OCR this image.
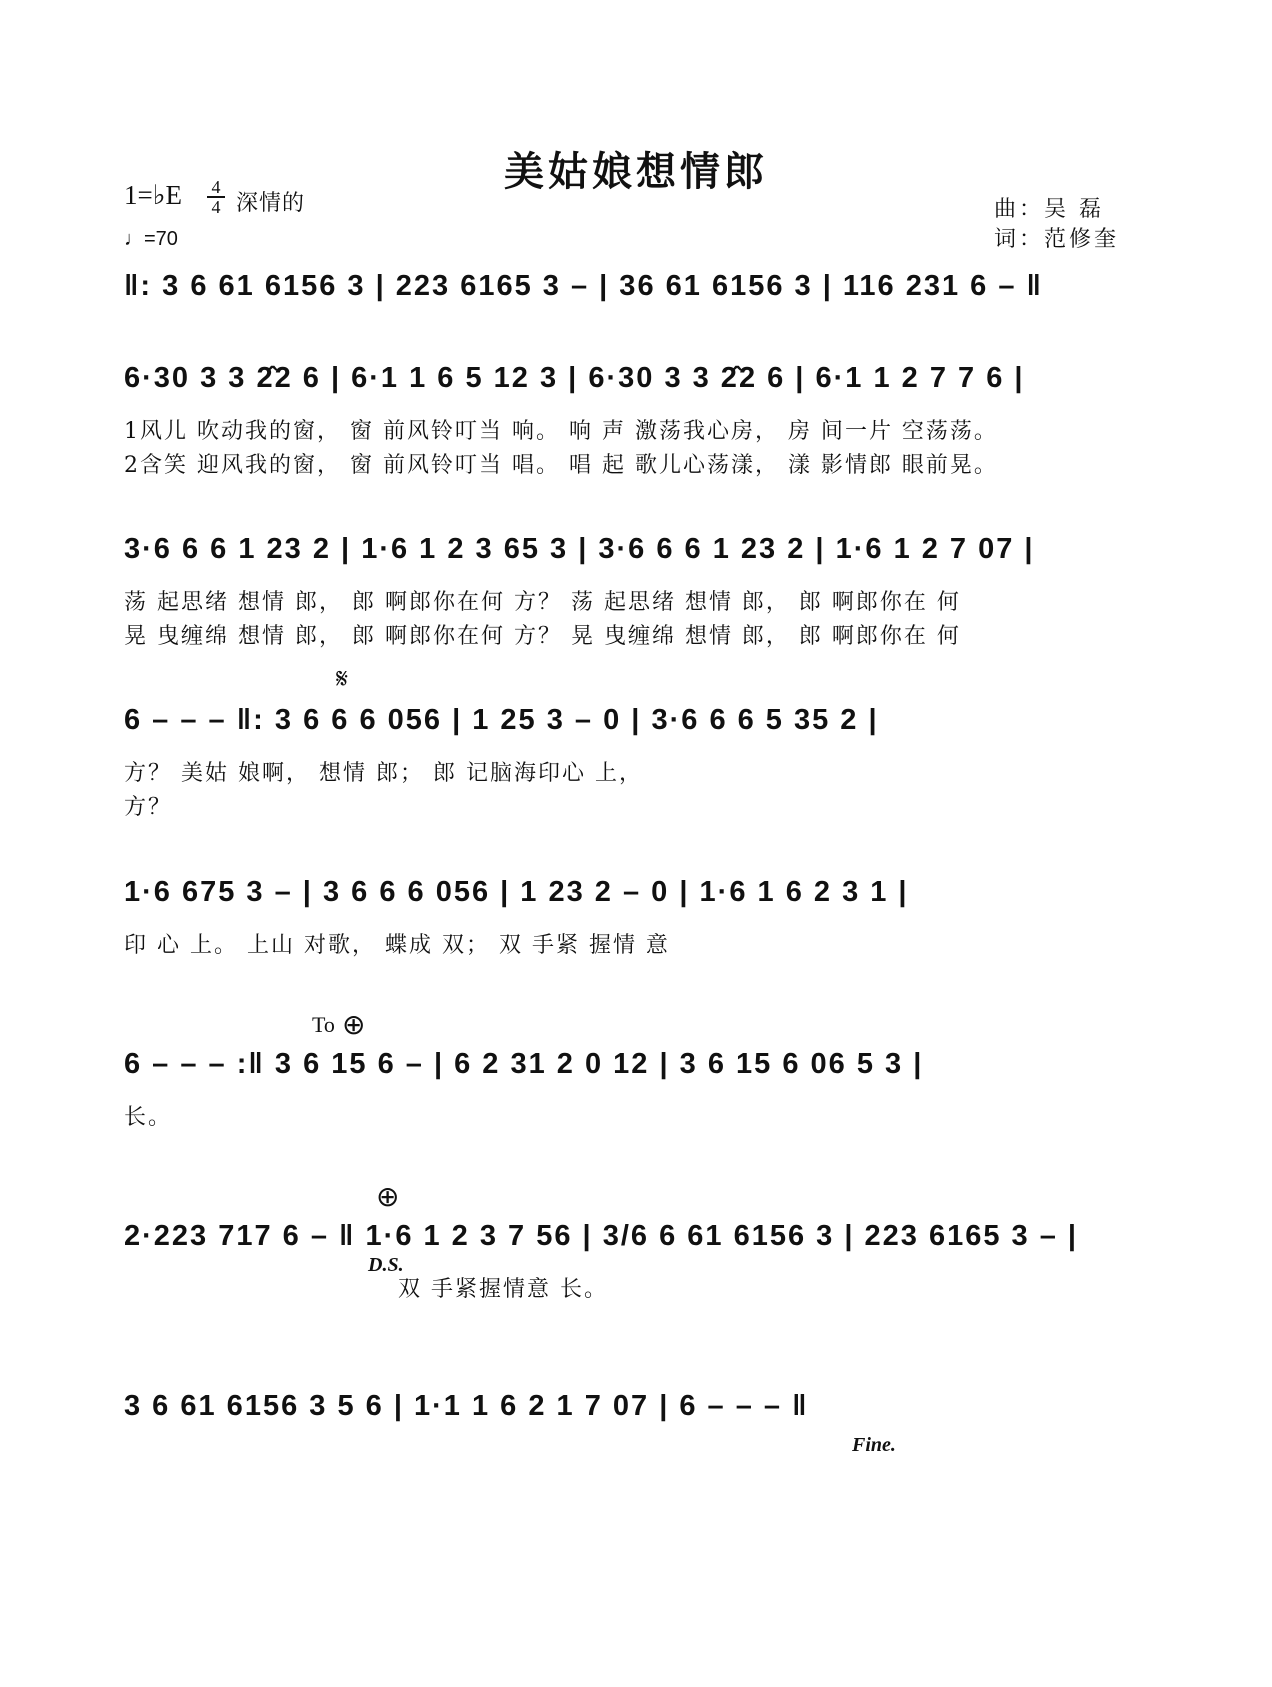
美姑娘想情郎
1=♭E 4
4 深情的
♩=70
曲：吴 磊
词：范修奎
‖: 3 6 61 6156 3 | 223 6165 3 – | 36 61 6156 3 | 116 231 6 – ‖
6·30 3 3 2̂2 6 | 6·1 1 6 5 12 3 | 6·30 3 3 2̂2 6 | 6·1 1 2 7 7 6 |
1风儿 吹动我的窗， 窗 前风铃叮当 响。 响 声 激荡我心房， 房 间一片 空荡荡。
2含笑 迎风我的窗， 窗 前风铃叮当 唱。 唱 起 歌儿心荡漾， 漾 影情郎 眼前晃。
3·6 6 6 1 23 2 | 1·6 1 2 3 65 3 | 3·6 6 6 1 23 2 | 1·6 1 2 7 07 |
荡 起思绪 想情 郎， 郎 啊郎你在何 方？ 荡 起思绪 想情 郎， 郎 啊郎你在 何
晃 曳缠绵 想情 郎， 郎 啊郎你在何 方？ 晃 曳缠绵 想情 郎， 郎 啊郎你在 何
𝄋
6 – – – ‖: 3 6 6 6 056 | 1 25 3 – 0 | 3·6 6 6 5 35 2 |
方？ 美姑 娘啊， 想情 郎； 郎 记脑海印心 上，
方？
1·6 675 3 – | 3 6 6 6 056 | 1 23 2 – 0 | 1·6 1 6 2 3 1 |
印 心 上。 上山 对歌， 蝶成 双； 双 手紧 握情 意
To ⊕
6 – – – :‖ 3 6 15 6 – | 6 2 31 2 0 12 | 3 6 15 6 06 5 3 |
长。
⊕
2·223 717 6 – ‖ 1·6 1 2 3 7 56 | 3/6 6 61 6156 3 | 223 6165 3 – |
D.S.
双 手紧握情意 长。
3 6 61 6156 3 5 6 | 1·1 1 6 2 1 7 07 | 6 – – – ‖
Fine.
